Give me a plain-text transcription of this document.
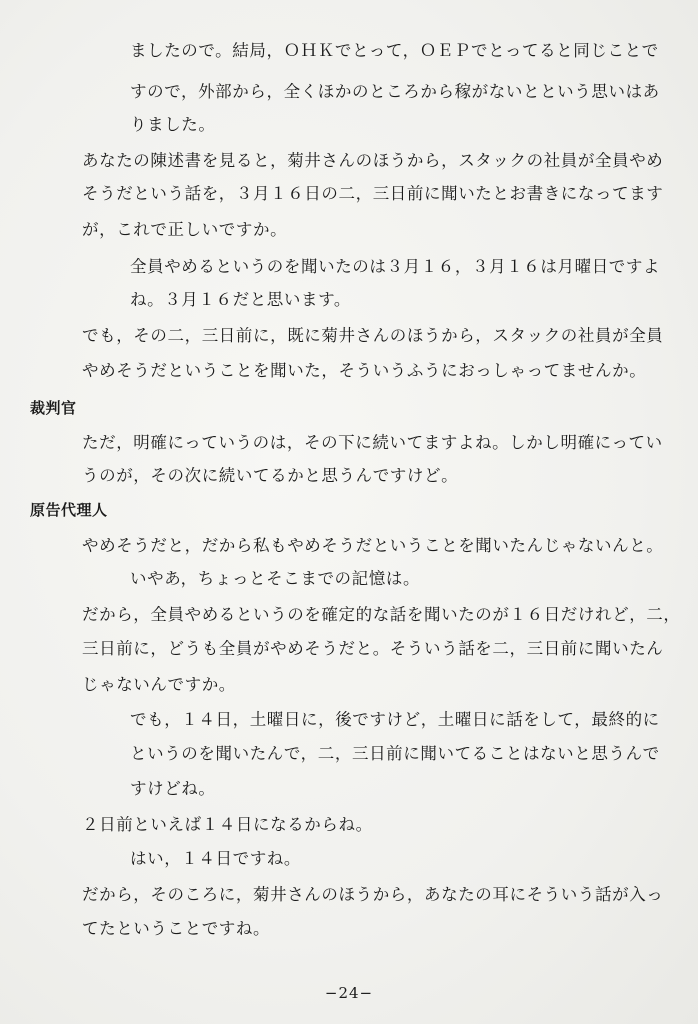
ましたので。結局，ＯＨＫでとって，ＯＥＰでとってると同じことで
すので，外部から，全くほかのところから稼がないとという思いはあ
りました。
あなたの陳述書を見ると，菊井さんのほうから，スタックの社員が全員やめ
そうだという話を，３月１６日の二，三日前に聞いたとお書きになってます
が，これで正しいですか。
全員やめるというのを聞いたのは３月１６，３月１６は月曜日ですよ
ね。３月１６だと思います。
でも，その二，三日前に，既に菊井さんのほうから，スタックの社員が全員
やめそうだということを聞いた，そういうふうにおっしゃってませんか。
裁判官
ただ，明確にっていうのは，その下に続いてますよね。しかし明確にってい
うのが，その次に続いてるかと思うんですけど。
原告代理人
やめそうだと，だから私もやめそうだということを聞いたんじゃないんと。
いやあ，ちょっとそこまでの記憶は。
だから，全員やめるというのを確定的な話を聞いたのが１６日だけれど，二，
三日前に，どうも全員がやめそうだと。そういう話を二，三日前に聞いたん
じゃないんですか。
でも，１４日，土曜日に，後ですけど，土曜日に話をして，最終的に
というのを聞いたんで，二，三日前に聞いてることはないと思うんで
すけどね。
２日前といえば１４日になるからね。
はい，１４日ですね。
だから，そのころに，菊井さんのほうから，あなたの耳にそういう話が入っ
てたということですね。
−24−
